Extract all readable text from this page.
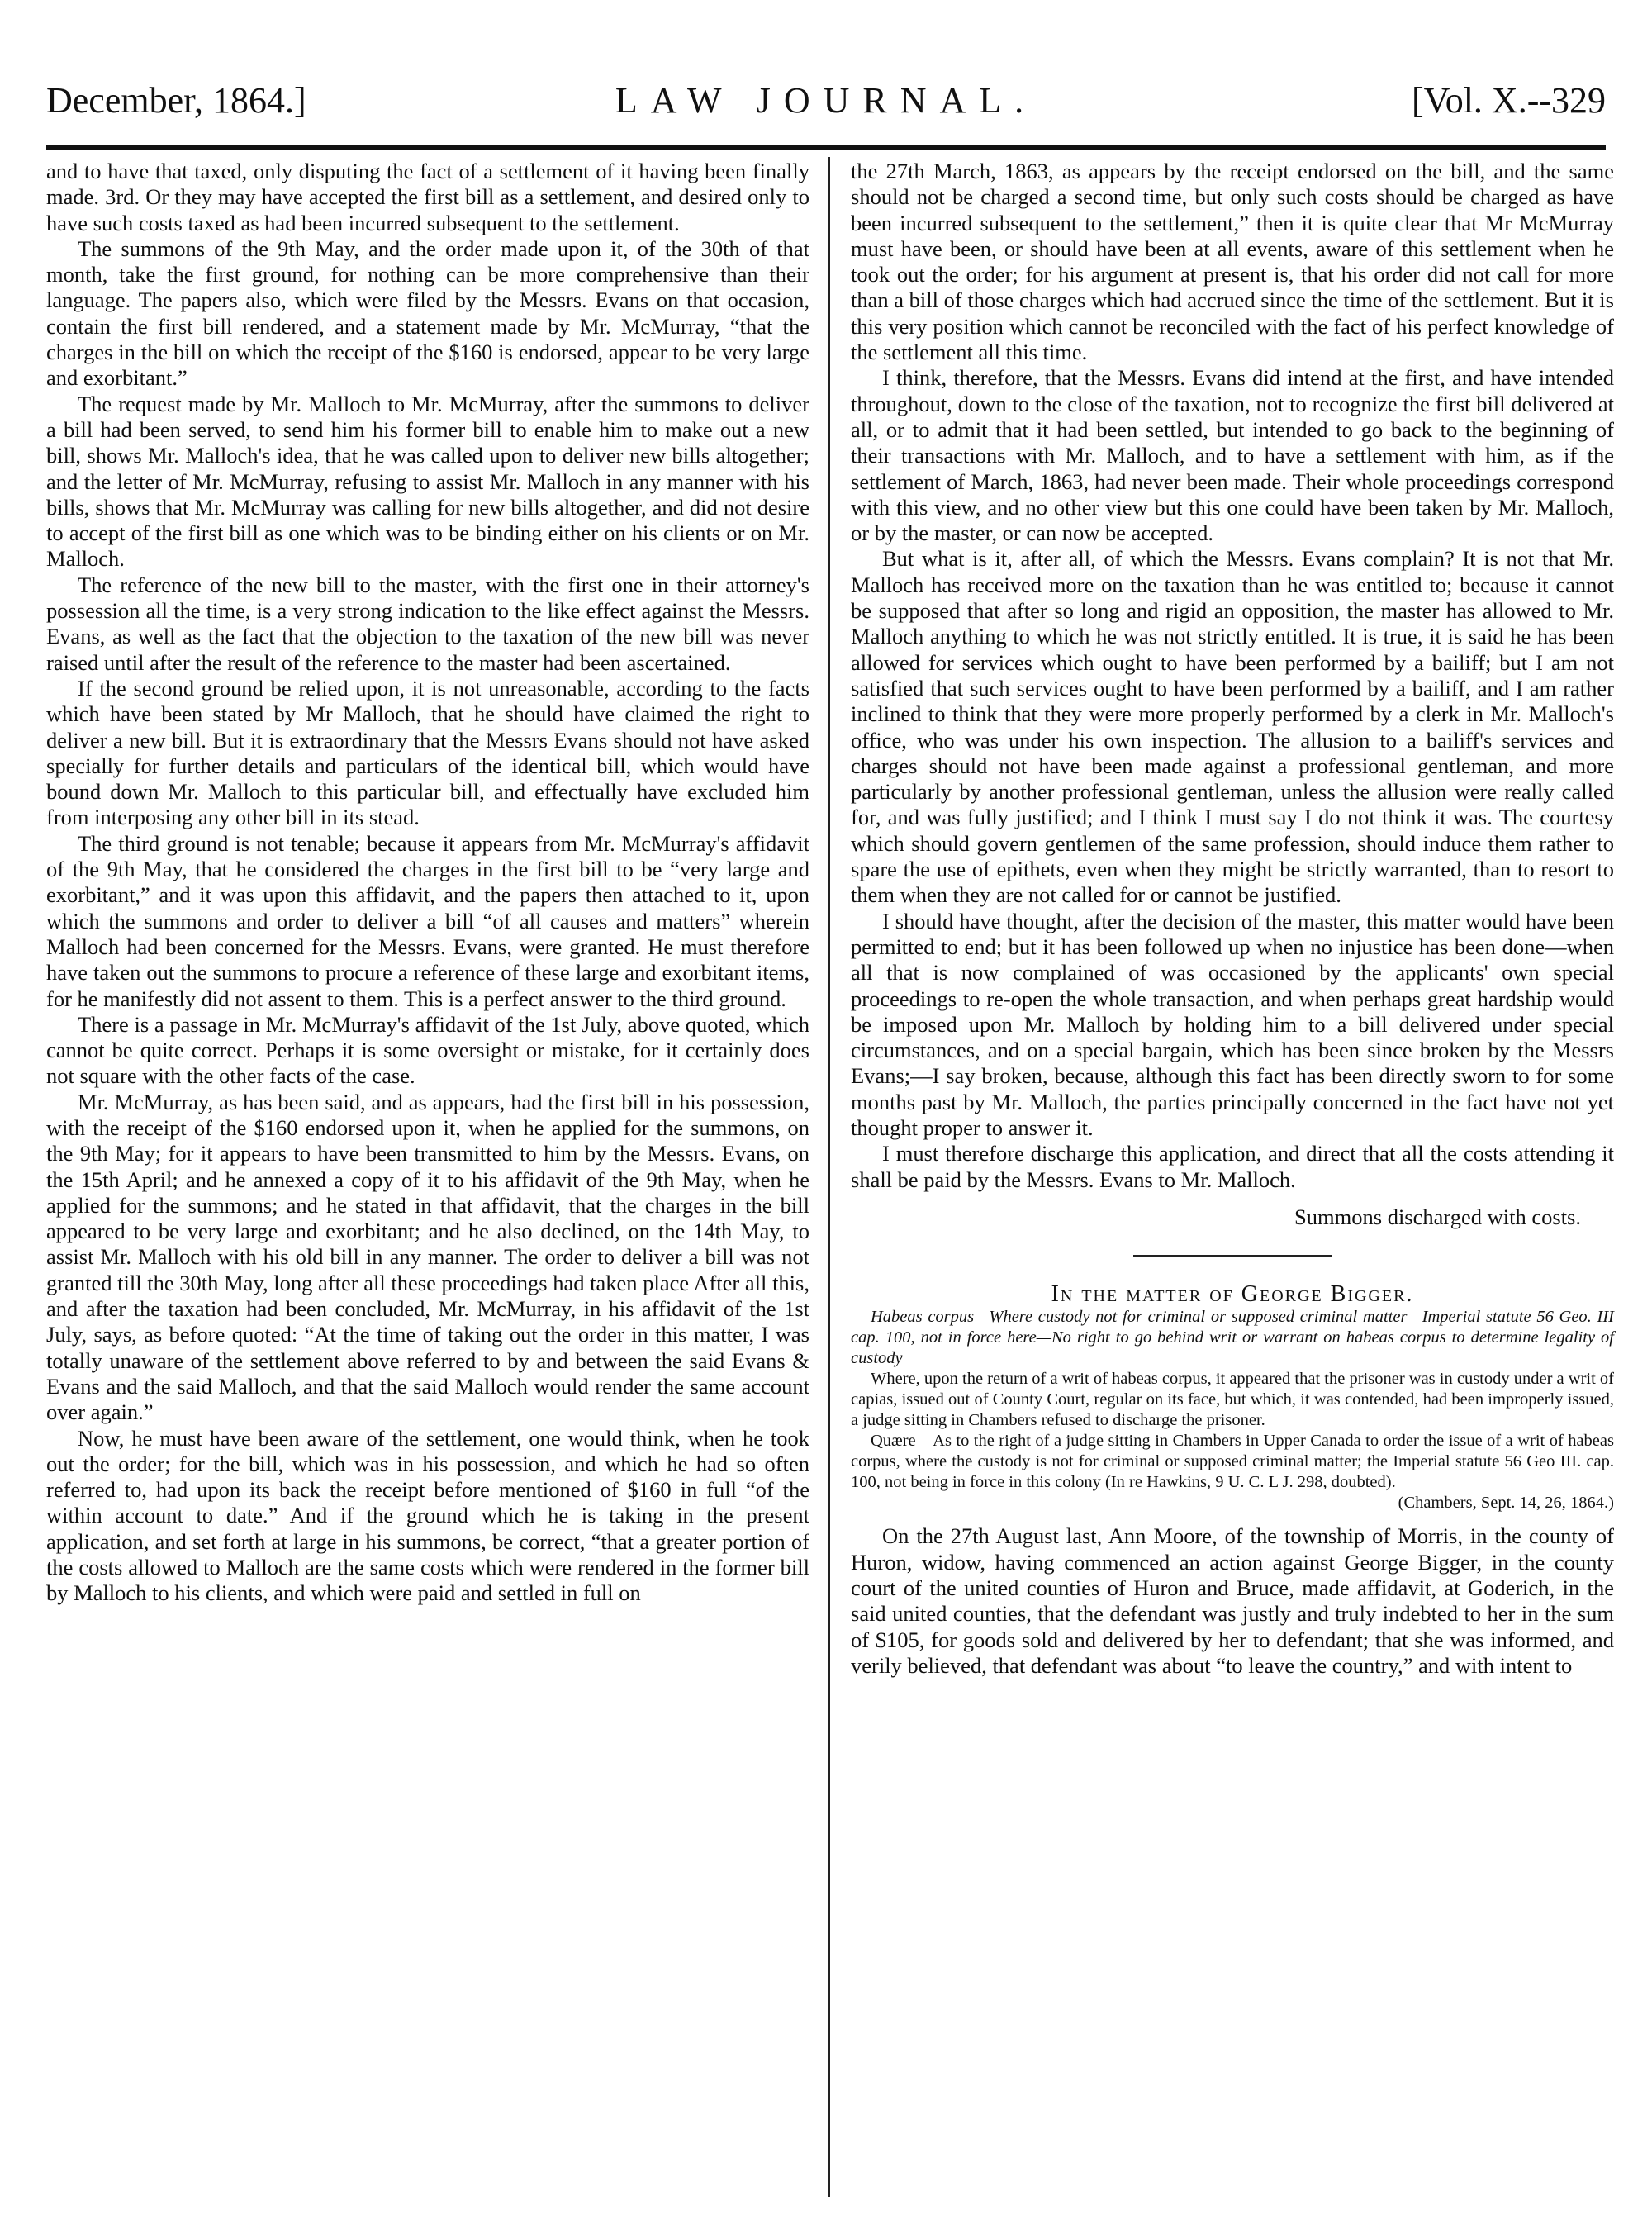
December, 1864.]	LAW JOURNAL.	[Vol. X.--329

and to have that taxed, only disputing the fact of a settlement of it having been finally made. 3rd. Or they may have accepted the first bill as a settlement, and desired only to have such costs taxed as had been incurred subsequent to the settlement.

The summons of the 9th May, and the order made upon it, of the 30th of that month, take the first ground, for nothing can be more comprehensive than their language. The papers also, which were filed by the Messrs. Evans on that occasion, contain the first bill rendered, and a statement made by Mr. McMurray, “that the charges in the bill on which the receipt of the $160 is endorsed, appear to be very large and exorbitant.”

The request made by Mr. Malloch to Mr. McMurray, after the summons to deliver a bill had been served, to send him his former bill to enable him to make out a new bill, shows Mr. Malloch's idea, that he was called upon to deliver new bills altogether; and the letter of Mr. McMurray, refusing to assist Mr. Malloch in any manner with his bills, shows that Mr. McMurray was calling for new bills altogether, and did not desire to accept of the first bill as one which was to be binding either on his clients or on Mr. Malloch.

The reference of the new bill to the master, with the first one in their attorney's possession all the time, is a very strong indication to the like effect against the Messrs. Evans, as well as the fact that the objection to the taxation of the new bill was never raised until after the result of the reference to the master had been ascertained.

If the second ground be relied upon, it is not unreasonable, according to the facts which have been stated by Mr Malloch, that he should have claimed the right to deliver a new bill. But it is extraordinary that the Messrs Evans should not have asked specially for further details and particulars of the identical bill, which would have bound down Mr. Malloch to this particular bill, and effectually have excluded him from interposing any other bill in its stead.

The third ground is not tenable; because it appears from Mr. McMurray's affidavit of the 9th May, that he considered the charges in the first bill to be “very large and exorbitant,” and it was upon this affidavit, and the papers then attached to it, upon which the summons and order to deliver a bill “of all causes and matters” wherein Malloch had been concerned for the Messrs. Evans, were granted. He must therefore have taken out the summons to procure a reference of these large and exorbitant items, for he manifestly did not assent to them. This is a perfect answer to the third ground.

There is a passage in Mr. McMurray's affidavit of the 1st July, above quoted, which cannot be quite correct. Perhaps it is some oversight or mistake, for it certainly does not square with the other facts of the case.

Mr. McMurray, as has been said, and as appears, had the first bill in his possession, with the receipt of the $160 endorsed upon it, when he applied for the summons, on the 9th May; for it appears to have been transmitted to him by the Messrs. Evans, on the 15th April; and he annexed a copy of it to his affidavit of the 9th May, when he applied for the summons; and he stated in that affidavit, that the charges in the bill appeared to be very large and exorbitant; and he also declined, on the 14th May, to assist Mr. Malloch with his old bill in any manner. The order to deliver a bill was not granted till the 30th May, long after all these proceedings had taken place After all this, and after the taxation had been concluded, Mr. McMurray, in his affidavit of the 1st July, says, as before quoted: “At the time of taking out the order in this matter, I was totally unaware of the settlement above referred to by and between the said Evans & Evans and the said Malloch, and that the said Malloch would render the same account over again.”

Now, he must have been aware of the settlement, one would think, when he took out the order; for the bill, which was in his possession, and which he had so often referred to, had upon its back the receipt before mentioned of $160 in full “of the within account to date.” And if the ground which he is taking in the present application, and set forth at large in his summons, be correct, “that a greater portion of the costs allowed to Malloch are the same costs which were rendered in the former bill by Malloch to his clients, and which were paid and settled in full on

the 27th March, 1863, as appears by the receipt endorsed on the bill, and the same should not be charged a second time, but only such costs should be charged as have been incurred subsequent to the settlement,” then it is quite clear that Mr McMurray must have been, or should have been at all events, aware of this settlement when he took out the order; for his argument at present is, that his order did not call for more than a bill of those charges which had accrued since the time of the settlement. But it is this very position which cannot be reconciled with the fact of his perfect knowledge of the settlement all this time.

I think, therefore, that the Messrs. Evans did intend at the first, and have intended throughout, down to the close of the taxation, not to recognize the first bill delivered at all, or to admit that it had been settled, but intended to go back to the beginning of their transactions with Mr. Malloch, and to have a settlement with him, as if the settlement of March, 1863, had never been made. Their whole proceedings correspond with this view, and no other view but this one could have been taken by Mr. Malloch, or by the master, or can now be accepted.

But what is it, after all, of which the Messrs. Evans complain? It is not that Mr. Malloch has received more on the taxation than he was entitled to; because it cannot be supposed that after so long and rigid an opposition, the master has allowed to Mr. Malloch anything to which he was not strictly entitled. It is true, it is said he has been allowed for services which ought to have been performed by a bailiff; but I am not satisfied that such services ought to have been performed by a bailiff, and I am rather inclined to think that they were more properly performed by a clerk in Mr. Malloch's office, who was under his own inspection. The allusion to a bailiff's services and charges should not have been made against a professional gentleman, and more particularly by another professional gentleman, unless the allusion were really called for, and was fully justified; and I think I must say I do not think it was. The courtesy which should govern gentlemen of the same profession, should induce them rather to spare the use of epithets, even when they might be strictly warranted, than to resort to them when they are not called for or cannot be justified.

I should have thought, after the decision of the master, this matter would have been permitted to end; but it has been followed up when no injustice has been done—when all that is now complained of was occasioned by the applicants' own special proceedings to re-open the whole transaction, and when perhaps great hardship would be imposed upon Mr. Malloch by holding him to a bill delivered under special circumstances, and on a special bargain, which has been since broken by the Messrs Evans;—I say broken, because, although this fact has been directly sworn to for some months past by Mr. Malloch, the parties principally concerned in the fact have not yet thought proper to answer it.

I must therefore discharge this application, and direct that all the costs attending it shall be paid by the Messrs. Evans to Mr. Malloch.

Summons discharged with costs.

In the matter of George Bigger.

Habeas corpus—Where custody not for criminal or supposed criminal matter—Imperial statute 56 Geo. III cap. 100, not in force here—No right to go behind writ or warrant on habeas corpus to determine legality of custody

Where, upon the return of a writ of habeas corpus, it appeared that the prisoner was in custody under a writ of capias, issued out of County Court, regular on its face, but which, it was contended, had been improperly issued, a judge sitting in Chambers refused to discharge the prisoner.

Quære—As to the right of a judge sitting in Chambers in Upper Canada to order the issue of a writ of habeas corpus, where the custody is not for criminal or supposed criminal matter; the Imperial statute 56 Geo III. cap. 100, not being in force in this colony (In re Hawkins, 9 U. C. L J. 298, doubted).

(Chambers, Sept. 14, 26, 1864.)

On the 27th August last, Ann Moore, of the township of Morris, in the county of Huron, widow, having commenced an action against George Bigger, in the county court of the united counties of Huron and Bruce, made affidavit, at Goderich, in the said united counties, that the defendant was justly and truly indebted to her in the sum of $105, for goods sold and delivered by her to defendant; that she was informed, and verily believed, that defendant was about “to leave the country,” and with intent to
